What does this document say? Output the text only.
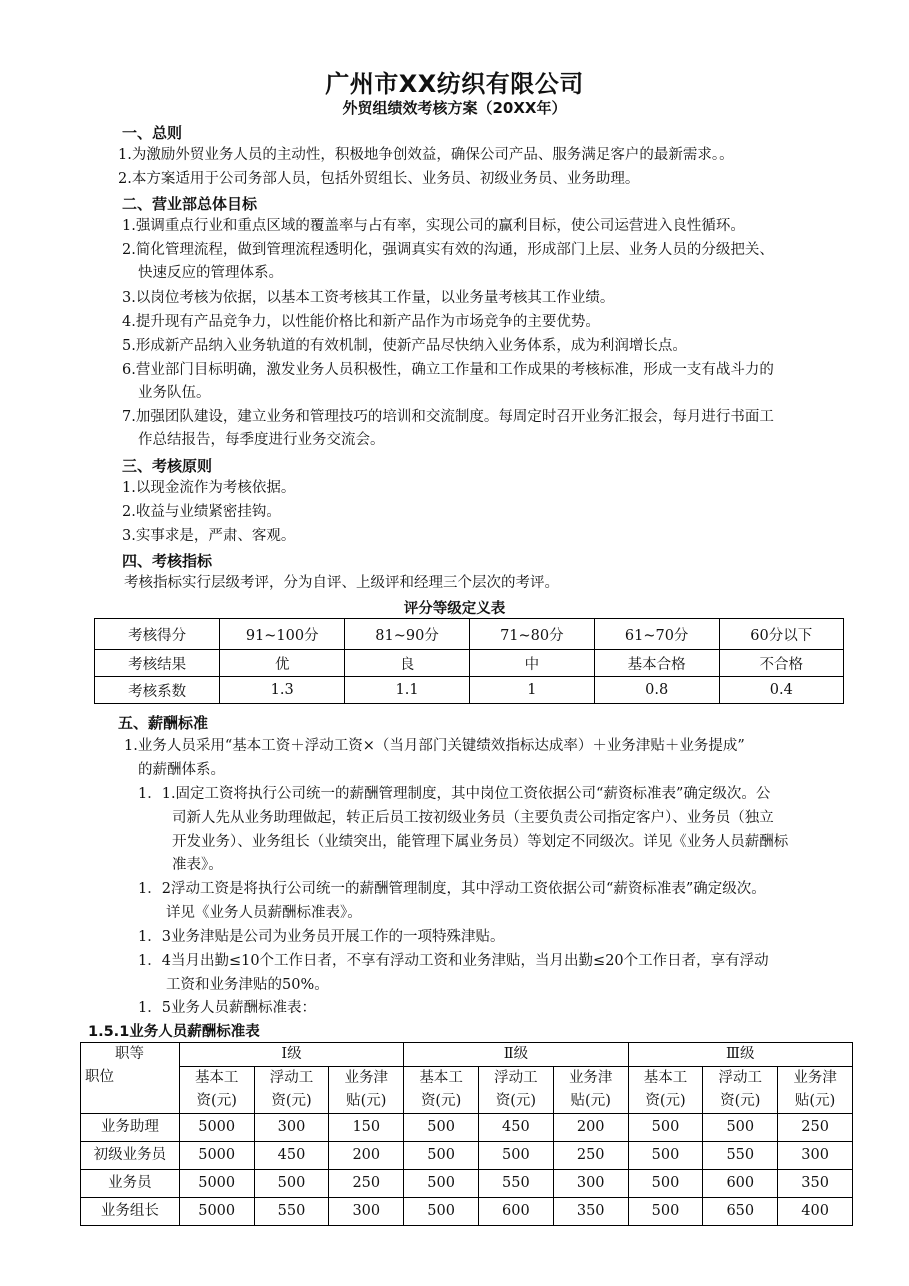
广州市XX纺织有限公司
外贸组绩效考核方案（20XX年）
一、总则
1.为激励外贸业务人员的主动性，积极地争创效益，确保公司产品、服务满足客户的最新需求。。
2.本方案适用于公司务部人员，包括外贸组长、业务员、初级业务员、业务助理。
二、营业部总体目标
1.强调重点行业和重点区域的覆盖率与占有率，实现公司的赢利目标，使公司运营进入良性循环。
2.简化管理流程，做到管理流程透明化，强调真实有效的沟通，形成部门上层、业务人员的分级把关、
快速反应的管理体系。
3.以岗位考核为依据，以基本工资考核其工作量，以业务量考核其工作业绩。
4.提升现有产品竞争力，以性能价格比和新产品作为市场竞争的主要优势。
5.形成新产品纳入业务轨道的有效机制，使新产品尽快纳入业务体系，成为利润增长点。
6.营业部门目标明确，激发业务人员积极性，确立工作量和工作成果的考核标准，形成一支有战斗力的
业务队伍。
7.加强团队建设，建立业务和管理技巧的培训和交流制度。每周定时召开业务汇报会，每月进行书面工
作总结报告，每季度进行业务交流会。
三、考核原则
1.以现金流作为考核依据。
2.收益与业绩紧密挂钩。
3.实事求是，严肃、客观。
四、考核指标
考核指标实行层级考评，分为自评、上级评和经理三个层次的考评。
评分等级定义表
考核得分	91~100分	81~90分	71~80分	61~70分	60分以下
考核结果	优	良	中	基本合格	不合格
考核系数	1.3	1.1	1	0.8	0.4
五、薪酬标准
1.业务人员采用“基本工资＋浮动工资×（当月部门关键绩效指标达成率）＋业务津贴＋业务提成”
的薪酬体系。
1．1.固定工资将执行公司统一的薪酬管理制度，其中岗位工资依据公司“薪资标准表”确定级次。公
司新人先从业务助理做起，转正后员工按初级业务员（主要负责公司指定客户）、业务员（独立
开发业务）、业务组长（业绩突出，能管理下属业务员）等划定不同级次。详见《业务人员薪酬标
准表》。
1．2浮动工资是将执行公司统一的薪酬管理制度，其中浮动工资依据公司“薪资标准表”确定级次。
详见《业务人员薪酬标准表》。
1．3业务津贴是公司为业务员开展工作的一项特殊津贴。
1．4当月出勤≤10个工作日者，不享有浮动工资和业务津贴，当月出勤≤20个工作日者，享有浮动
工资和业务津贴的50%。
1．5业务人员薪酬标准表：
1.5.1业务人员薪酬标准表
职等
职位	Ⅰ级			Ⅱ级			Ⅲ级		
	基本工	浮动工	业务津	基本工	浮动工	业务津	基本工	浮动工	业务津
	资(元)	资(元)	贴(元)	资(元)	资(元)	贴(元)	资(元)	资(元)	贴(元)
业务助理	5000	300	150	500	450	200	500	500	250
初级业务员	5000	450	200	500	500	250	500	550	300
业务员	5000	500	250	500	550	300	500	600	350
业务组长	5000	550	300	500	600	350	500	650	400
